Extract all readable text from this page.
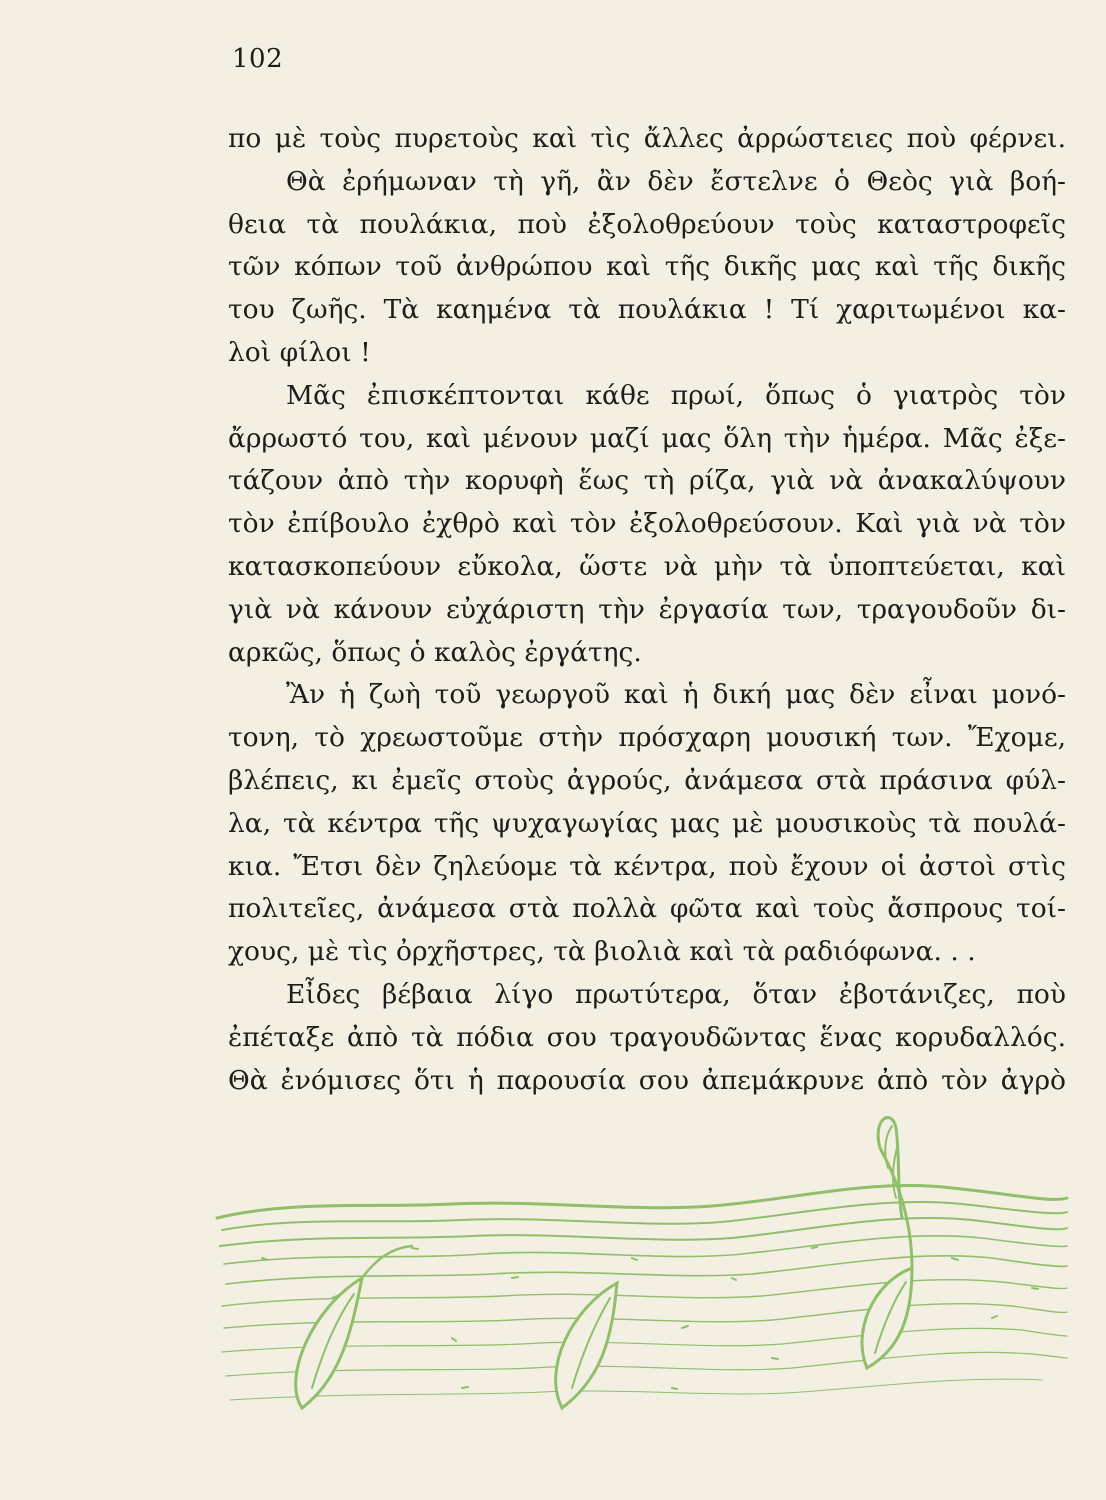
102
πο μὲ τοὺς πυρετοὺς καὶ τὶς ἄλλες ἀρρώστειες ποὺ φέρνει.
Θὰ ἐρήμωναν τὴ γῆ, ἂν δὲν ἔστελνε ὁ Θεὸς γιὰ βοή-
θεια τὰ πουλάκια, ποὺ ἐξολοθρεύουν τοὺς καταστροφεῖς
τῶν κόπων τοῦ ἀνθρώπου καὶ τῆς δικῆς μας καὶ τῆς δικῆς
του ζωῆς. Τὰ καημένα τὰ πουλάκια ! Τί χαριτωμένοι κα-
λοὶ φίλοι !
Μᾶς ἐπισκέπτονται κάθε πρωί, ὅπως ὁ γιατρὸς τὸν
ἄρρωστό του, καὶ μένουν μαζί μας ὅλη τὴν ἡμέρα. Μᾶς ἐξε-
τάζουν ἀπὸ τὴν κορυφὴ ἕως τὴ ρίζα, γιὰ νὰ ἀνακαλύψουν
τὸν ἐπίβουλο ἐχθρὸ καὶ τὸν ἐξολοθρεύσουν. Καὶ γιὰ νὰ τὸν
κατασκοπεύουν εὔκολα, ὥστε νὰ μὴν τὰ ὑποπτεύεται, καὶ
γιὰ νὰ κάνουν εὐχάριστη τὴν ἐργασία των, τραγουδοῦν δι-
αρκῶς, ὅπως ὁ καλὸς ἐργάτης.
Ἂν ἡ ζωὴ τοῦ γεωργοῦ καὶ ἡ δική μας δὲν εἶναι μονό-
τονη, τὸ χρεωστοῦμε στὴν πρόσχαρη μουσική των. Ἔχομε,
βλέπεις, κι ἐμεῖς στοὺς ἀγρούς, ἀνάμεσα στὰ πράσινα φύλ-
λα, τὰ κέντρα τῆς ψυχαγωγίας μας μὲ μουσικοὺς τὰ πουλά-
κια. Ἔτσι δὲν ζηλεύομε τὰ κέντρα, ποὺ ἔχουν οἱ ἀστοὶ στὶς
πολιτεῖες, ἀνάμεσα στὰ πολλὰ φῶτα καὶ τοὺς ἄσπρους τοί-
χους, μὲ τὶς ὀρχῆστρες, τὰ βιολιὰ καὶ τὰ ραδιόφωνα. . .
Εἶδες βέβαια λίγο πρωτύτερα, ὅταν ἐβοτάνιζες, ποὺ
ἐπέταξε ἀπὸ τὰ πόδια σου τραγουδῶντας ἕνας κορυδαλλός.
Θὰ ἐνόμισες ὅτι ἡ παρουσία σου ἀπεμάκρυνε ἀπὸ τὸν ἀγρὸ
